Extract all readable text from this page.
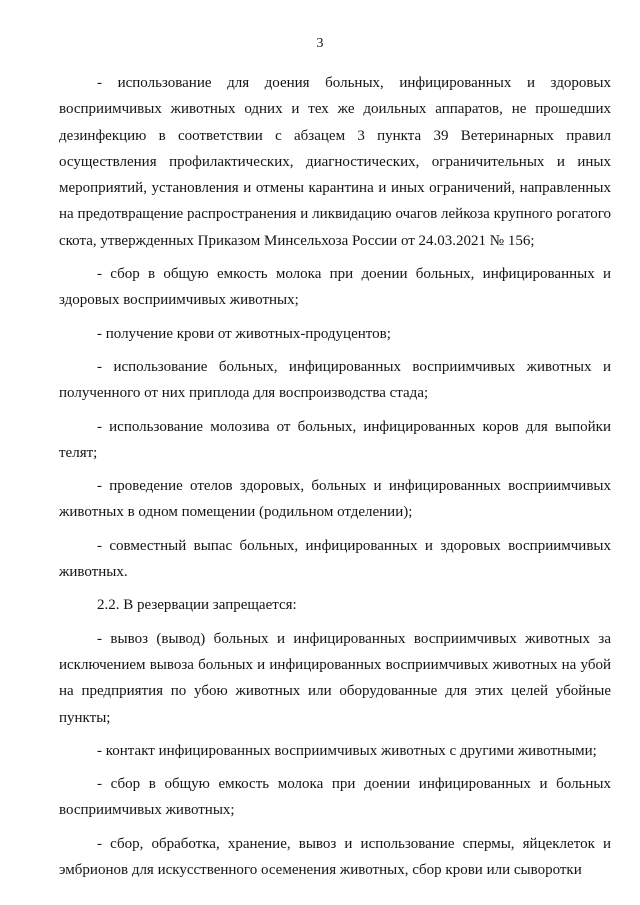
3

- использование для доения больных, инфицированных и здоровых восприимчивых животных одних и тех же доильных аппаратов, не прошедших дезинфекцию в соответствии с абзацем 3 пункта 39 Ветеринарных правил осуществления профилактических, диагностических, ограничительных и иных мероприятий, установления и отмены карантина и иных ограничений, направленных на предотвращение распространения и ликвидацию очагов лейкоза крупного рогатого скота, утвержденных Приказом Минсельхоза России от 24.03.2021 № 156;

- сбор в общую емкость молока при доении больных, инфицированных и здоровых восприимчивых животных;

- получение крови от животных-продуцентов;

- использование больных, инфицированных восприимчивых животных и полученного от них приплода для воспроизводства стада;

- использование молозива от больных, инфицированных коров для выпойки телят;

- проведение отелов здоровых, больных и инфицированных восприимчивых животных в одном помещении (родильном отделении);

- совместный выпас больных, инфицированных и здоровых восприимчивых животных.

2.2. В резервации запрещается:

- вывоз (вывод) больных и инфицированных восприимчивых животных за исключением вывоза больных и инфицированных восприимчивых животных на убой на предприятия по убою животных или оборудованные для этих целей убойные пункты;

- контакт инфицированных восприимчивых животных с другими животными;

- сбор в общую емкость молока при доении инфицированных и больных восприимчивых животных;

- сбор, обработка, хранение, вывоз и использование спермы, яйцеклеток и эмбрионов для искусственного осеменения животных, сбор крови или сыворотки
